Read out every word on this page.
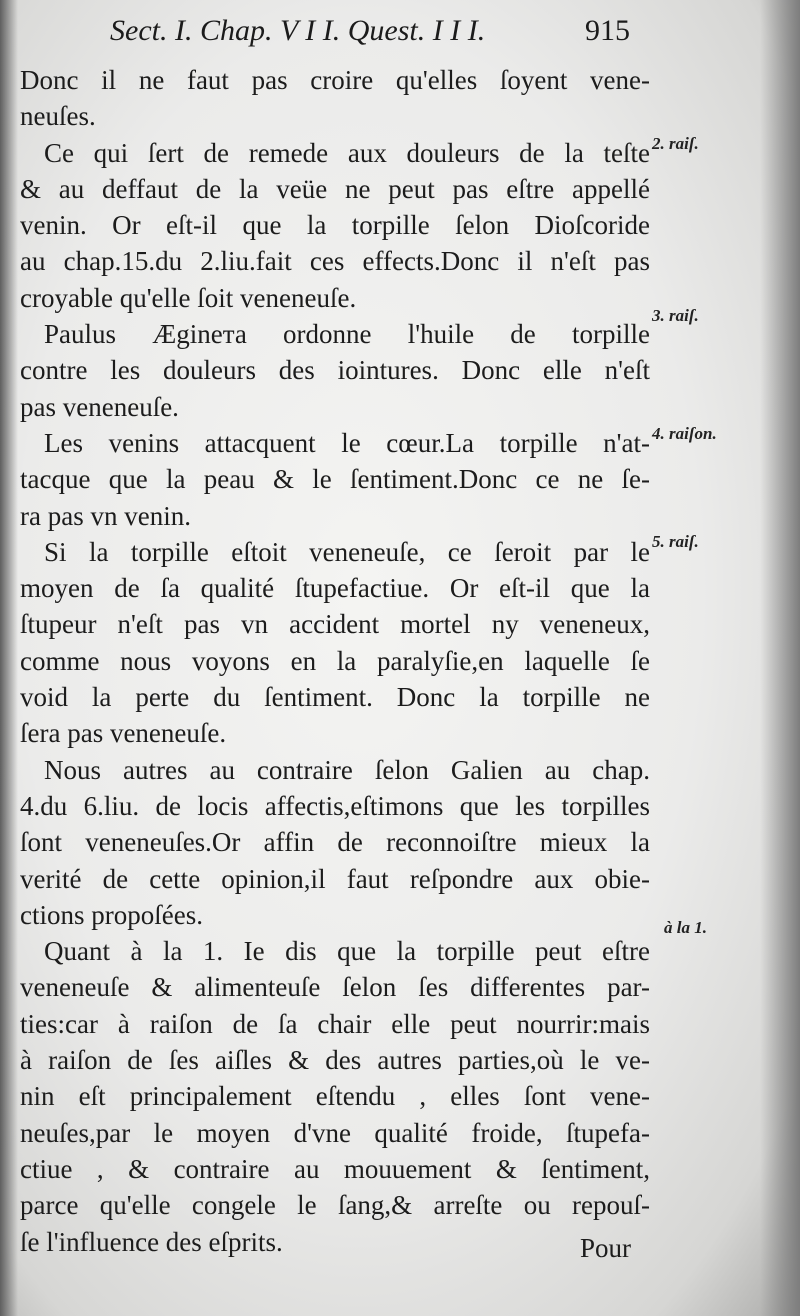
Sect. I. Chap. V I I. Quest. I I I.	915
Donc il ne faut pas croire qu'elles ſoyent vene-
neuſes.
Ce qui ſert de remede aux douleurs de la teſte
& au deffaut de la veüe ne peut pas eſtre appellé
venin. Or eſt-il que la torpille ſelon Dioſcoride
au chap.15.du 2.liu.fait ces effects.Donc il n'eſt pas
croyable qu'elle ſoit veneneuſe.
Paulus Æginета ordonne l'huile de torpille
contre les douleurs des iointures. Donc elle n'eſt
pas veneneuſe.
Les venins attacquent le cœur.La torpille n'at-
tacque que la peau & le ſentiment.Donc ce ne ſe-
ra pas vn venin.
Si la torpille eſtoit veneneuſe, ce ſeroit par le
moyen de ſa qualité ſtupefactiue. Or eſt-il que la
ſtupeur n'eſt pas vn accident mortel ny veneneux,
comme nous voyons en la paralyſie,en laquelle ſe
void la perte du ſentiment. Donc la torpille ne
ſera pas veneneuſe.
Nous autres au contraire ſelon Galien au chap.
4.du 6.liu. de locis affectis,eſtimons que les torpilles
ſont veneneuſes.Or affin de reconnoiſtre mieux la
verité de cette opinion,il faut reſpondre aux obie-
ctions propoſées.
Quant à la 1. Ie dis que la torpille peut eſtre
veneneuſe & alimenteuſe ſelon ſes differentes par-
ties:car à raiſon de ſa chair elle peut nourrir:mais
à raiſon de ſes aiſles & des autres parties,où le ve-
nin eſt principalement eſtendu , elles ſont vene-
neuſes,par le moyen d'vne qualité froide, ſtupefa-
ctiue , & contraire au mouuement & ſentiment,
parce qu'elle congele le ſang,& arreſte ou repouſ-
ſe l'influence des eſprits.
2. raiſ.
3. raiſ.
4. raiſon.
5. raiſ.
à la 1.
Pour
